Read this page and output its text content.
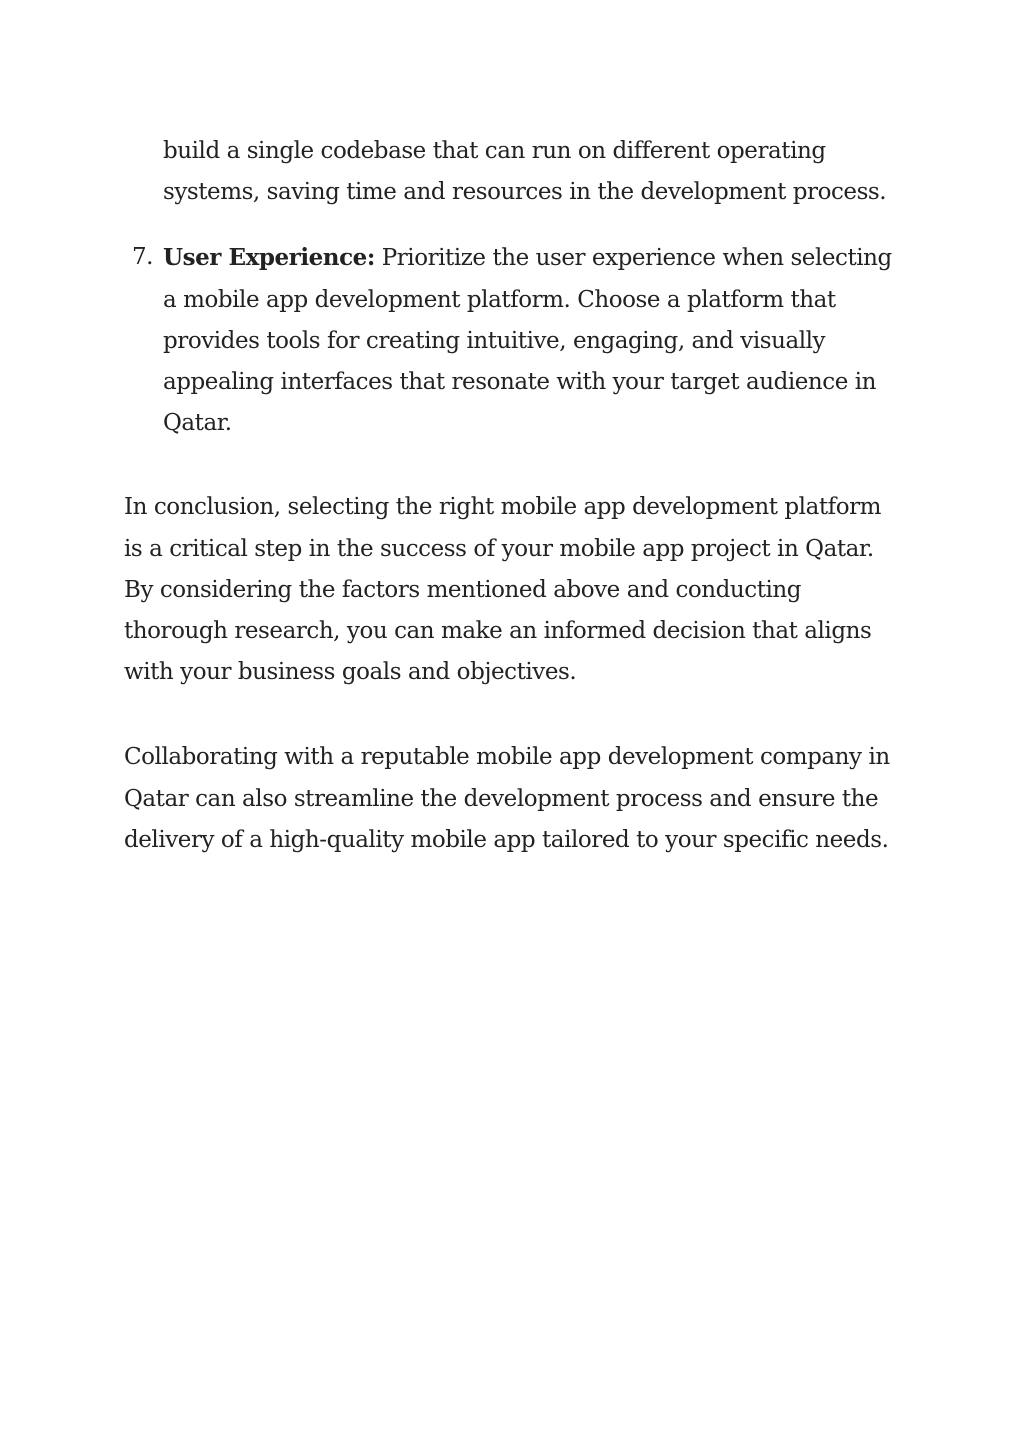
build a single codebase that can run on different operating systems, saving time and resources in the development process.
7. User Experience: Prioritize the user experience when selecting a mobile app development platform. Choose a platform that provides tools for creating intuitive, engaging, and visually appealing interfaces that resonate with your target audience in Qatar.

In conclusion, selecting the right mobile app development platform is a critical step in the success of your mobile app project in Qatar. By considering the factors mentioned above and conducting thorough research, you can make an informed decision that aligns with your business goals and objectives.

Collaborating with a reputable mobile app development company in Qatar can also streamline the development process and ensure the delivery of a high-quality mobile app tailored to your specific needs.
